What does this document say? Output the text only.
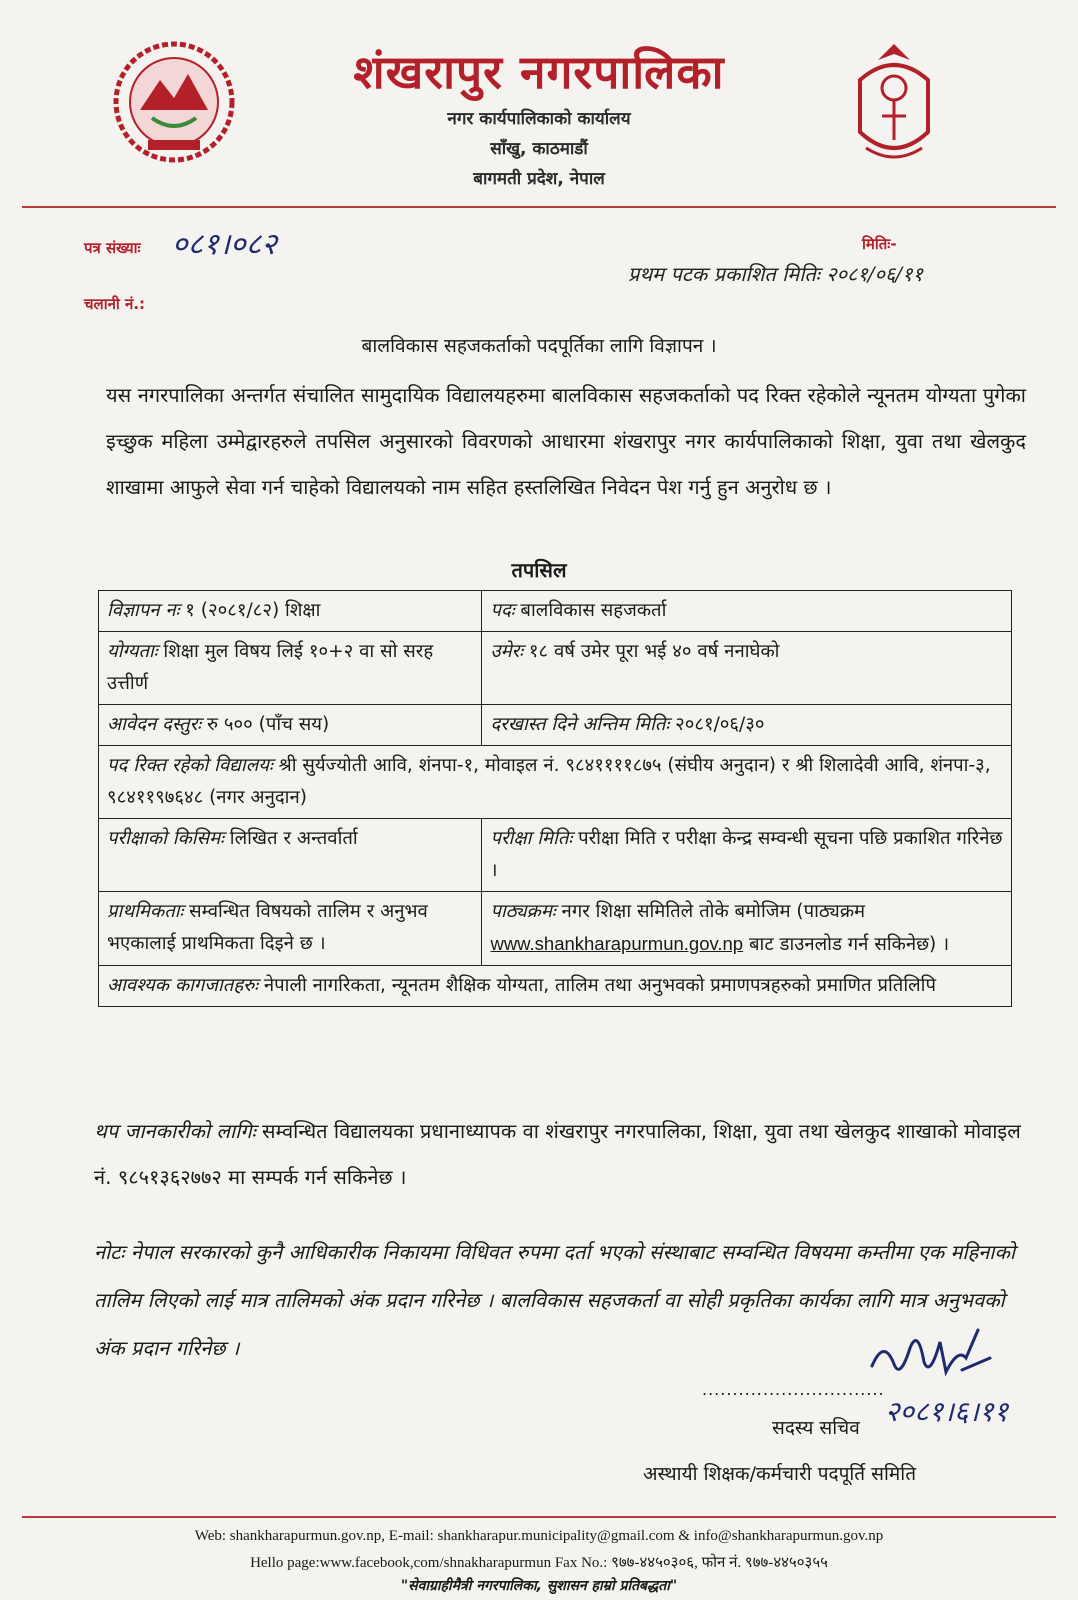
शंखरापुर नगरपालिका
नगर कार्यपालिकाको कार्यालय
साँखु, काठमाडौं
बागमती प्रदेश, नेपाल
पत्र संख्याः ०८१।०८२	मितिः-
प्रथम पटक प्रकाशित मितिः २०८१/०६/११
चलानी नं.:
बालविकास सहजकर्ताको पदपूर्तिका लागि विज्ञापन ।
यस नगरपालिका अन्तर्गत संचालित सामुदायिक विद्यालयहरुमा बालविकास सहजकर्ताको पद रिक्त रहेकोले न्यूनतम योग्यता पुगेका इच्छुक महिला उम्मेद्वारहरुले तपसिल अनुसारको विवरणको आधारमा शंखरापुर नगर कार्यपालिकाको शिक्षा, युवा तथा खेलकुद शाखामा आफुले सेवा गर्न चाहेको विद्यालयको नाम सहित हस्तलिखित निवेदन पेश गर्नु हुन अनुरोध छ ।
तपसिल
विज्ञापन नः १ (२०८१/८२) शिक्षा	पदः बालविकास सहजकर्ता
योग्यताः शिक्षा मुल विषय लिई १०+२ वा सो सरह उत्तीर्ण	उमेरः १८ वर्ष उमेर पूरा भई ४० वर्ष ननाघेको
आवेदन दस्तुरः रु ५०० (पाँच सय)	दरखास्त दिने अन्तिम मितिः २०८१/०६/३०
पद रिक्त रहेको विद्यालयः श्री सुर्यज्योती आवि, शंनपा-१, मोवाइल नं. ९८४११११८७५ (संघीय अनुदान) र श्री शिलादेवी आवि, शंनपा-३, ९८४११९७६४८ (नगर अनुदान)	
परीक्षाको किसिमः लिखित र अन्तर्वार्ता	परीक्षा मितिः परीक्षा मिति र परीक्षा केन्द्र सम्वन्धी सूचना पछि प्रकाशित गरिनेछ ।
प्राथमिकताः सम्वन्धित विषयको तालिम र अनुभव भएकालाई प्राथमिकता दिइने छ ।	पाठ्यक्रमः नगर शिक्षा समितिले तोके बमोजिम (पाठ्यक्रम www.shankharapurmun.gov.np बाट डाउनलोड गर्न सकिनेछ) ।
आवश्यक कागजातहरुः नेपाली नागरिकता, न्यूनतम शैक्षिक योग्यता, तालिम तथा अनुभवको प्रमाणपत्रहरुको प्रमाणित प्रतिलिपि	
थप जानकारीको लागिः सम्वन्धित विद्यालयका प्रधानाध्यापक वा शंखरापुर नगरपालिका, शिक्षा, युवा तथा खेलकुद शाखाको मोवाइल नं. ९८५१३६२७७२ मा सम्पर्क गर्न सकिनेछ ।
नोटः नेपाल सरकारको कुनै आधिकारीक निकायमा विधिवत रुपमा दर्ता भएको संस्थाबाट सम्वन्धित विषयमा कम्तीमा एक महिनाको तालिम लिएको लाई मात्र तालिमको अंक प्रदान गरिनेछ । बालविकास सहजकर्ता वा सोही प्रकृतिका कार्यका लागि मात्र अनुभवको अंक प्रदान गरिनेछ ।
..............................
२०८१।६।११
सदस्य सचिव
अस्थायी शिक्षक/कर्मचारी पदपूर्ति समिति
Web: shankharapurmun.gov.np, E-mail: shankharapur.municipality@gmail.com & info@shankharapurmun.gov.np
Hello page:www.facebook,com/shnakharapurmun Fax No.: ९७७-४४५०३०६, फोन नं. ९७७-४४५०३५५
"सेवाग्राहीमैत्री नगरपालिका, सुशासन हाम्रो प्रतिबद्धता"
